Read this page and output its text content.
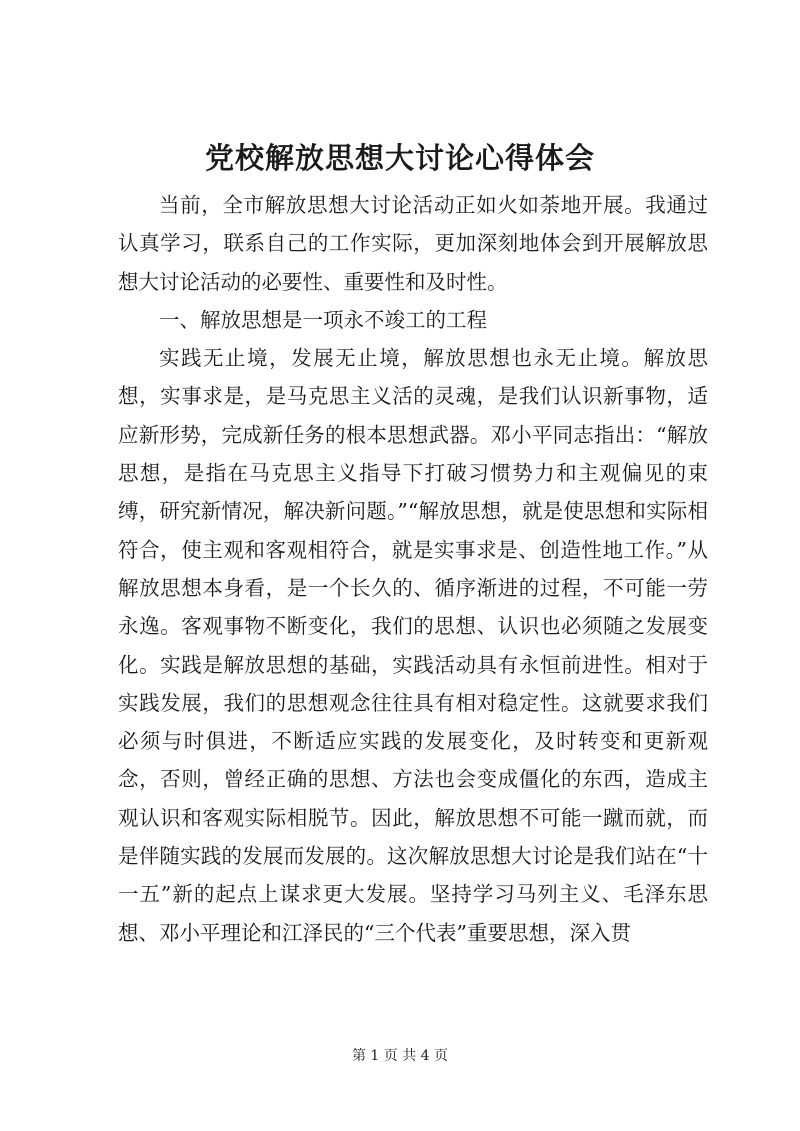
党校解放思想大讨论心得体会

当前，全市解放思想大讨论活动正如火如荼地开展。我通过认真学习，联系自己的工作实际，更加深刻地体会到开展解放思想大讨论活动的必要性、重要性和及时性。

一、解放思想是一项永不竣工的工程

实践无止境，发展无止境，解放思想也永无止境。解放思想，实事求是，是马克思主义活的灵魂，是我们认识新事物，适应新形势，完成新任务的根本思想武器。邓小平同志指出：“解放思想，是指在马克思主义指导下打破习惯势力和主观偏见的束缚，研究新情况，解决新问题。”“解放思想，就是使思想和实际相符合，使主观和客观相符合，就是实事求是、创造性地工作。”从解放思想本身看，是一个长久的、循序渐进的过程，不可能一劳永逸。客观事物不断变化，我们的思想、认识也必须随之发展变化。实践是解放思想的基础，实践活动具有永恒前进性。相对于实践发展，我们的思想观念往往具有相对稳定性。这就要求我们必须与时俱进，不断适应实践的发展变化，及时转变和更新观念，否则，曾经正确的思想、方法也会变成僵化的东西，造成主观认识和客观实际相脱节。因此，解放思想不可能一蹴而就，而是伴随实践的发展而发展的。这次解放思想大讨论是我们站在“十一五”新的起点上谋求更大发展。坚持学习马列主义、毛泽东思想、邓小平理论和江泽民的“三个代表”重要思想，深入贯

第 1 页 共 4 页
